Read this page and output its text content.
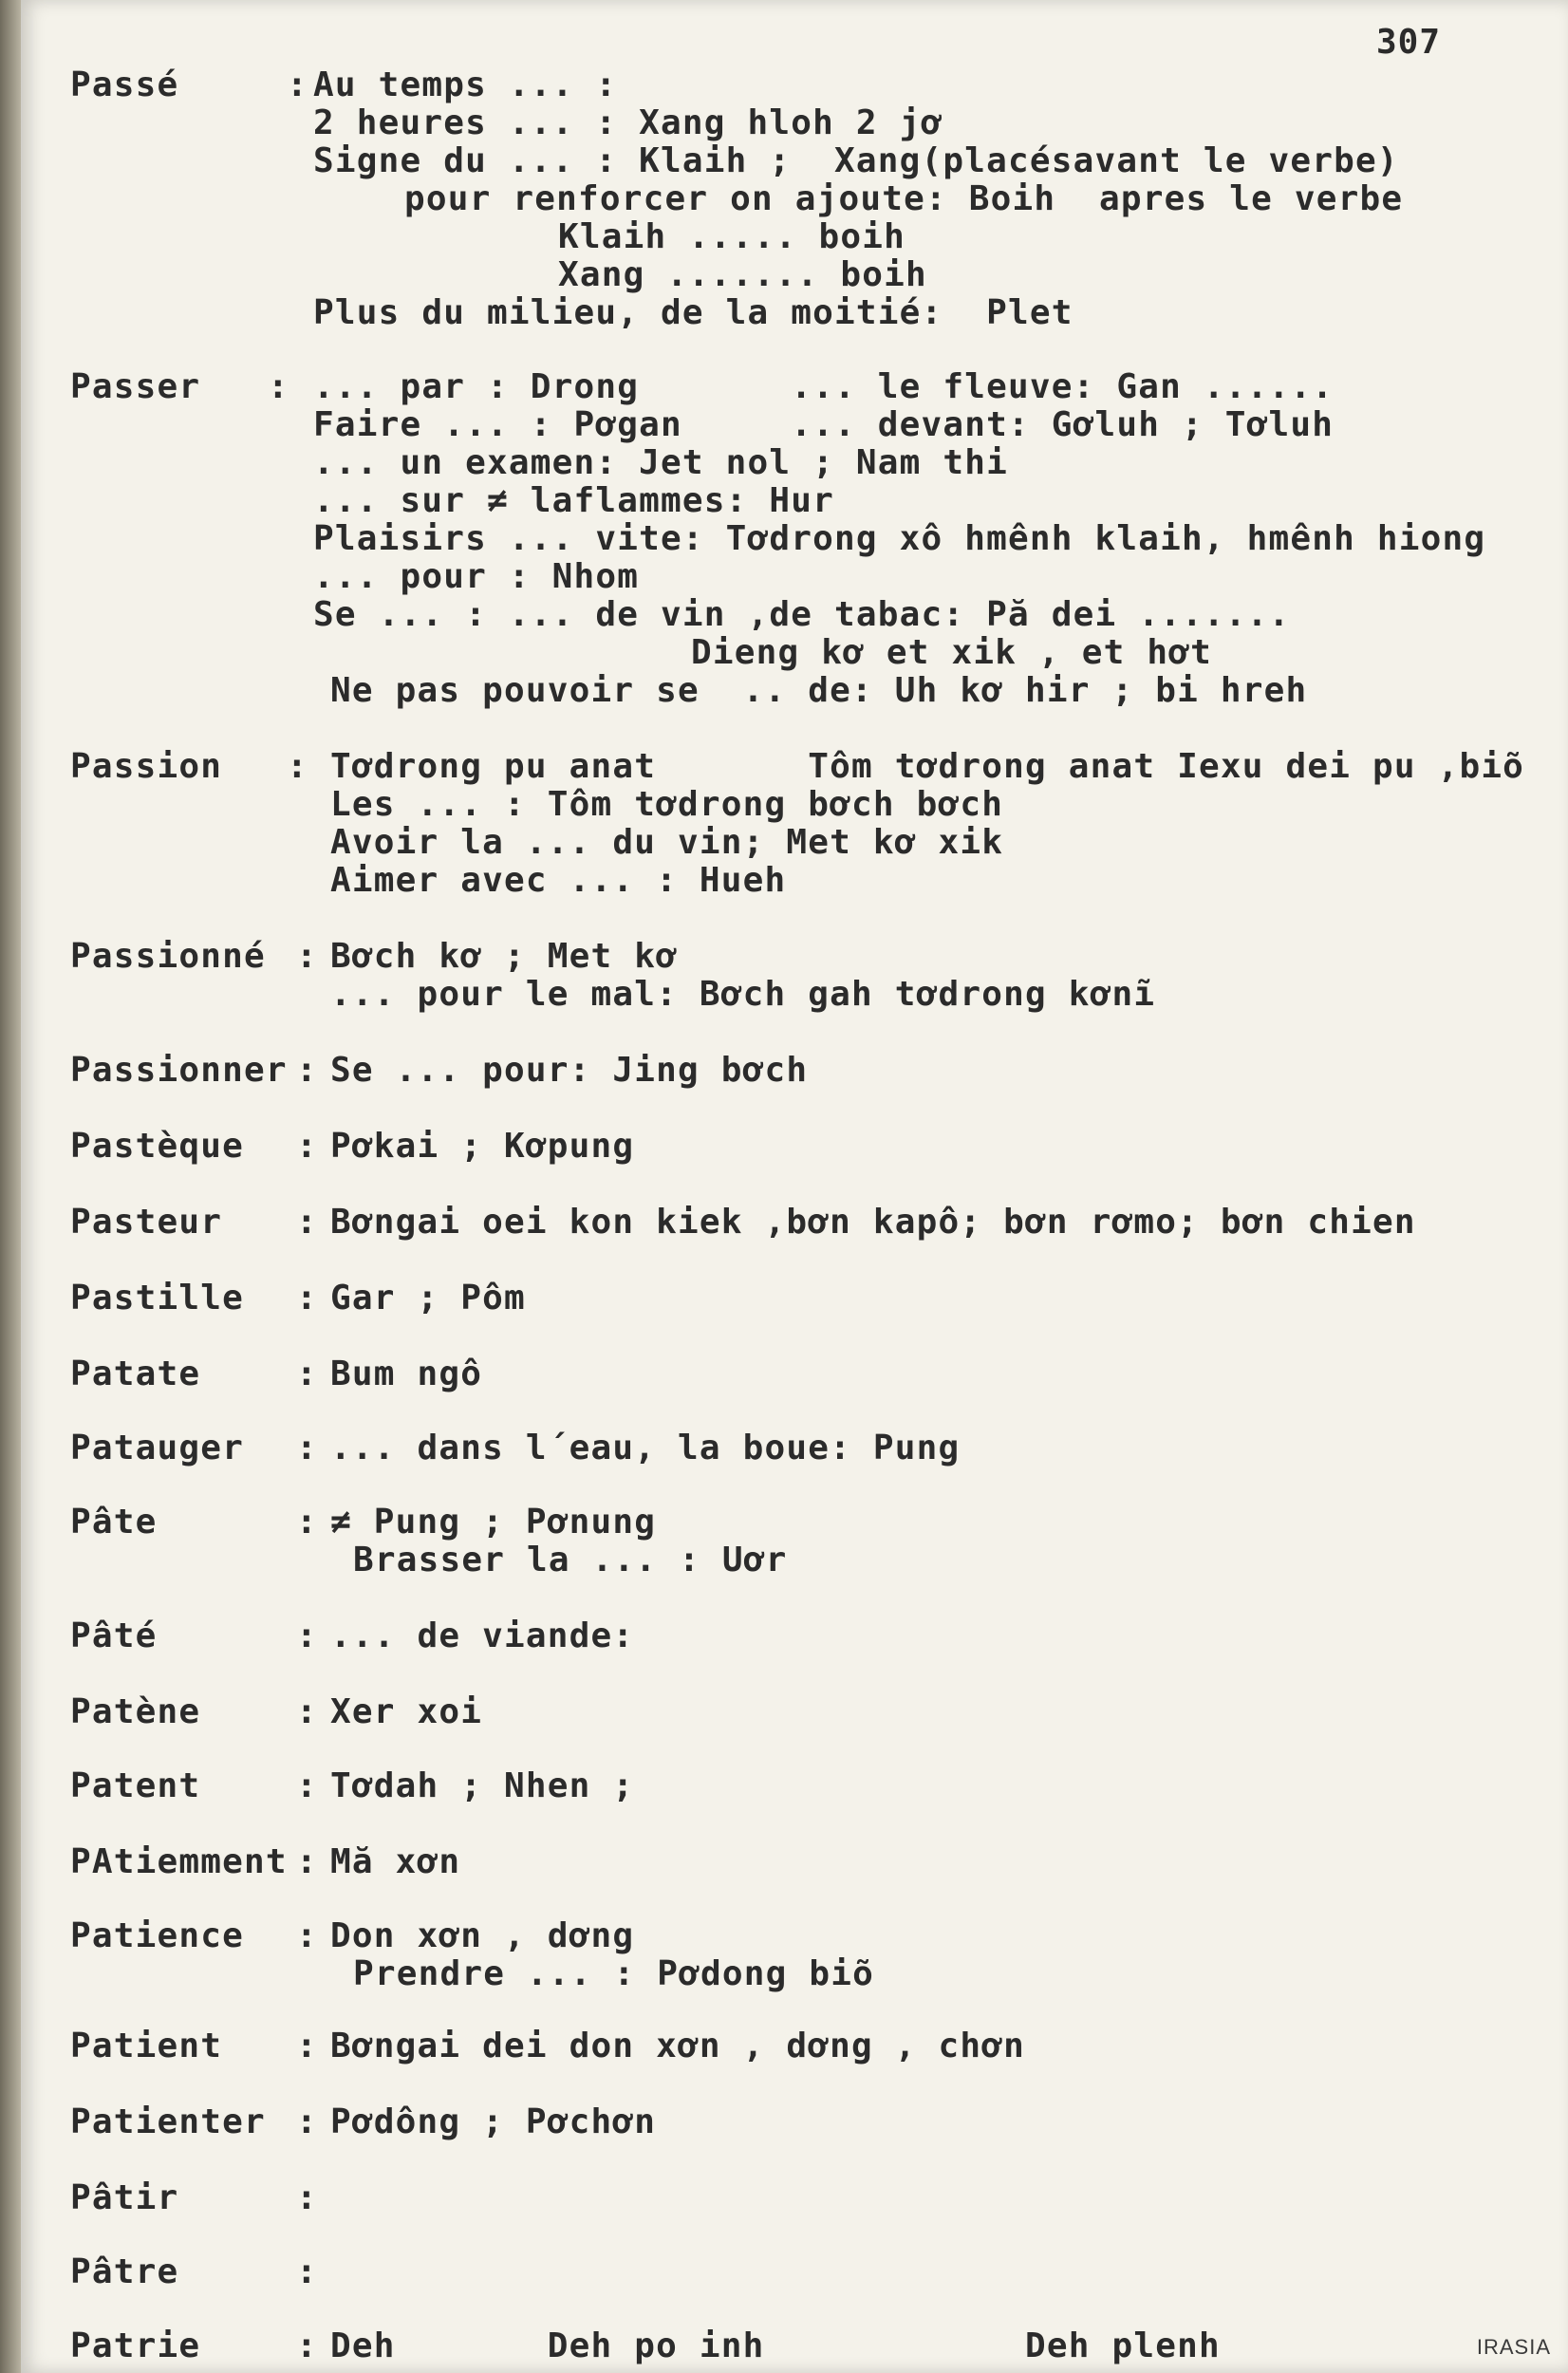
307
Passé	: Au temps ... :
2 heures ... : Xang hloh 2 jơ
Signe du ... : Klaih ;  Xang(placésavant le verbe)
pour renforcer on ajoute: Boih  apres le verbe
Klaih ..... boih
Xang ....... boih
Plus du milieu, de la moitié:  Plet
Passer : ... par : Drong       ... le fleuve: Gan ......
Faire ... : Pơgan     ... devant: Gơluh ; Tơluh
... un examen: Jet nol ; Nam thi
... sur ≠ laflammes: Hur
Plaisirs ... vite: Tơdrong xô hmênh klaih, hmênh hiong
... pour : Nhom
Se ... : ... de vin ,de tabac: Pă dei .......
Dieng kơ et xik , et hơt
Ne pas pouvoir se  .. de: Uh kơ hir ; bi hreh
Passion : Tơdrong pu anat       Tôm tơdrong anat Iexu dei pu ,biõ
Les ... : Tôm tơdrong bơch bơch
Avoir la ... du vin; Met kơ xik
Aimer avec ... : Hueh
Passionné : Bơch kơ ; Met kơ
... pour le mal: Bơch gah tơdrong kơnĩ
Passionner : Se ... pour: Jing bơch
Pastèque : Pơkai ; Kơpung
Pasteur : Bơngai oei kon kiek ,bơn kapô; bơn rơmo; bơn chien
Pastille : Gar ; Pôm
Patate	: Bum ngô
Patauger : ... dans l´eau, la boue: Pung
Pâte	: ≠ Pung ; Pơnung
Brasser la ... : Uơr
Pâté	: ... de viande:
Patène	: Xer xoi
Patent	: Tơdah ; Nhen ;
PAtiemment : Mă xơn
Patience : Don xơn , dơng
Prendre ... : Pơdong biõ
Patient : Bơngai dei don xơn , dơng , chơn
Patienter : Pơdông ; Pơchơn
Pâtir	:
Pâtre	:
Patrie	: Deh       Deh po inh            Deh plenh	IRASIA
